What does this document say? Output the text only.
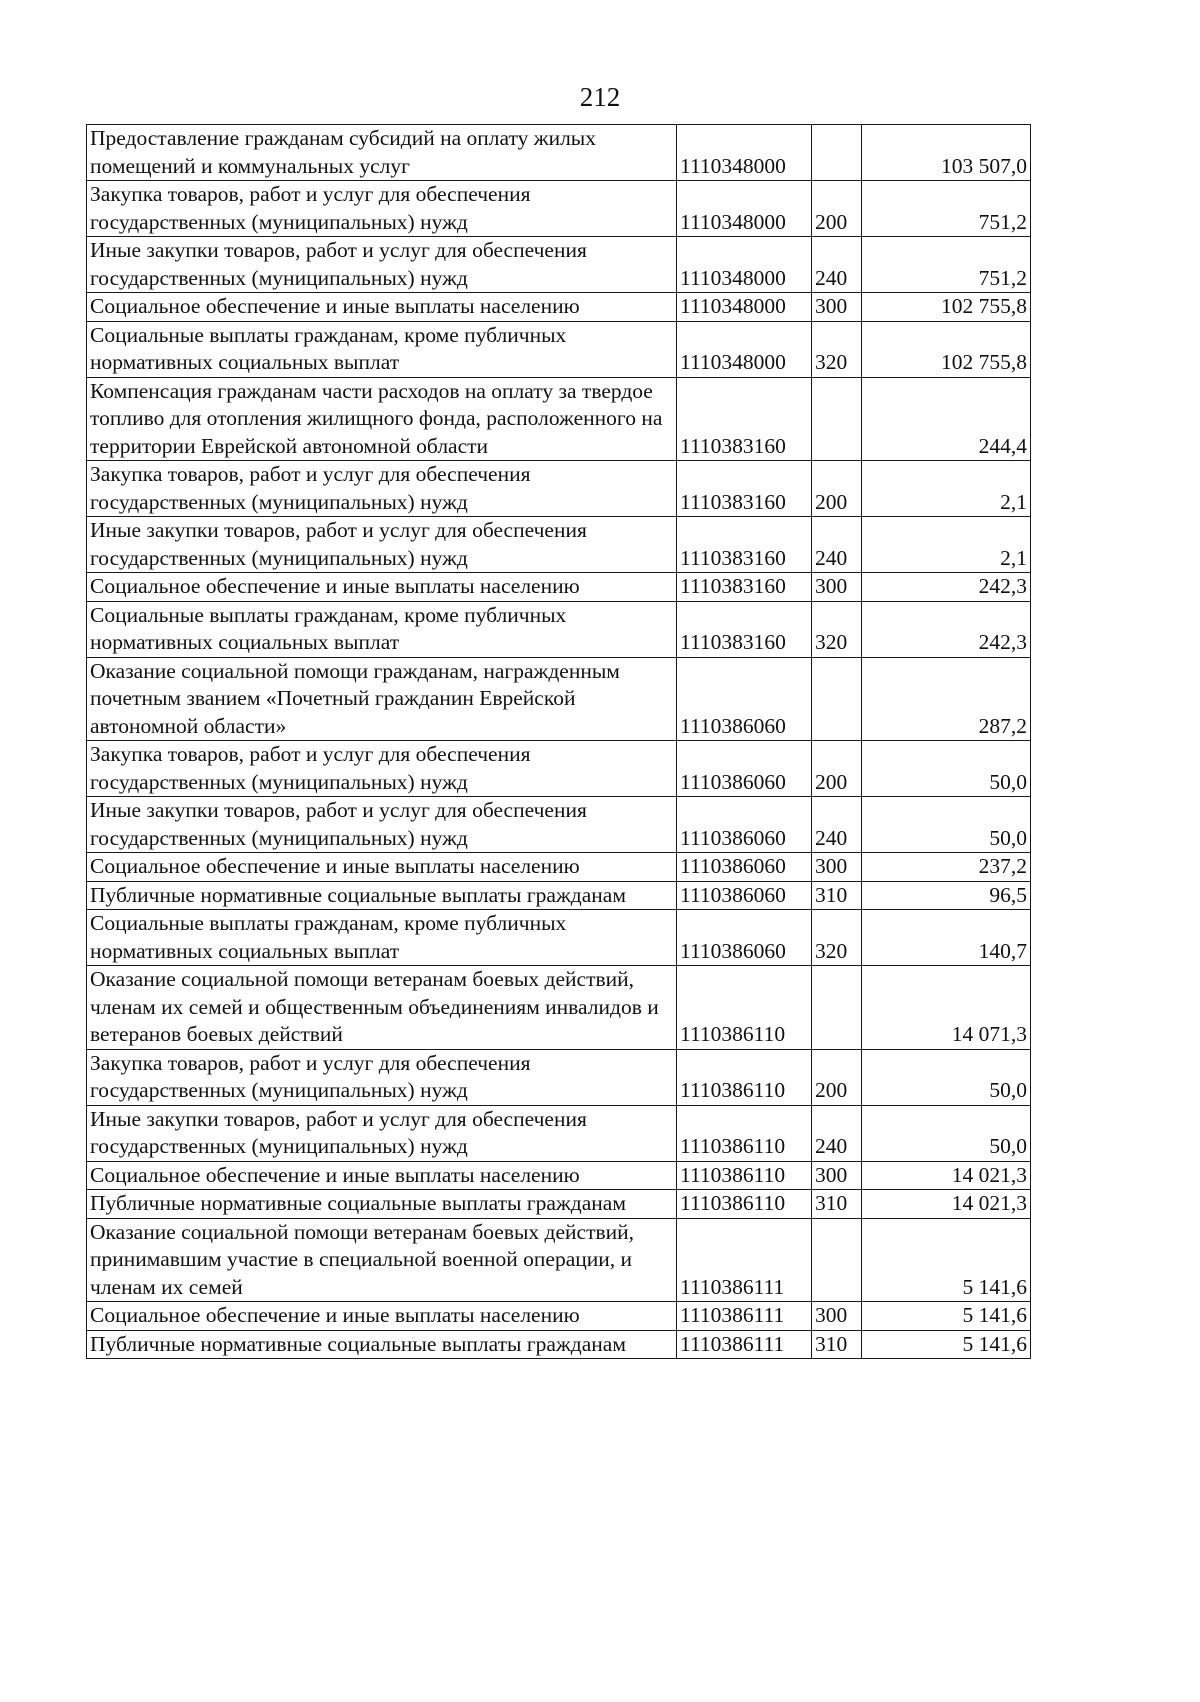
212
Предоставление гражданам субсидий на оплату жилых помещений и коммунальных услуг	1110348000		103 507,0
Закупка товаров, работ и услуг для обеспечения государственных (муниципальных) нужд	1110348000	200	751,2
Иные закупки товаров, работ и услуг для обеспечения государственных (муниципальных) нужд	1110348000	240	751,2
Социальное обеспечение и иные выплаты населению	1110348000	300	102 755,8
Социальные выплаты гражданам, кроме публичных нормативных социальных выплат	1110348000	320	102 755,8
Компенсация гражданам части расходов на оплату за твердое топливо для отопления жилищного фонда, расположенного на территории Еврейской автономной области	1110383160		244,4
Закупка товаров, работ и услуг для обеспечения государственных (муниципальных) нужд	1110383160	200	2,1
Иные закупки товаров, работ и услуг для обеспечения государственных (муниципальных) нужд	1110383160	240	2,1
Социальное обеспечение и иные выплаты населению	1110383160	300	242,3
Социальные выплаты гражданам, кроме публичных нормативных социальных выплат	1110383160	320	242,3
Оказание социальной помощи гражданам, награжденным почетным званием «Почетный гражданин Еврейской автономной области»	1110386060		287,2
Закупка товаров, работ и услуг для обеспечения государственных (муниципальных) нужд	1110386060	200	50,0
Иные закупки товаров, работ и услуг для обеспечения государственных (муниципальных) нужд	1110386060	240	50,0
Социальное обеспечение и иные выплаты населению	1110386060	300	237,2
Публичные нормативные социальные выплаты гражданам	1110386060	310	96,5
Социальные выплаты гражданам, кроме публичных нормативных социальных выплат	1110386060	320	140,7
Оказание социальной помощи ветеранам боевых действий, членам их семей и общественным объединениям инвалидов и ветеранов боевых действий	1110386110		14 071,3
Закупка товаров, работ и услуг для обеспечения государственных (муниципальных) нужд	1110386110	200	50,0
Иные закупки товаров, работ и услуг для обеспечения государственных (муниципальных) нужд	1110386110	240	50,0
Социальное обеспечение и иные выплаты населению	1110386110	300	14 021,3
Публичные нормативные социальные выплаты гражданам	1110386110	310	14 021,3
Оказание социальной помощи ветеранам боевых действий, принимавшим участие в специальной военной операции, и членам их семей	1110386111		5 141,6
Социальное обеспечение и иные выплаты населению	1110386111	300	5 141,6
Публичные нормативные социальные выплаты гражданам	1110386111	310	5 141,6
